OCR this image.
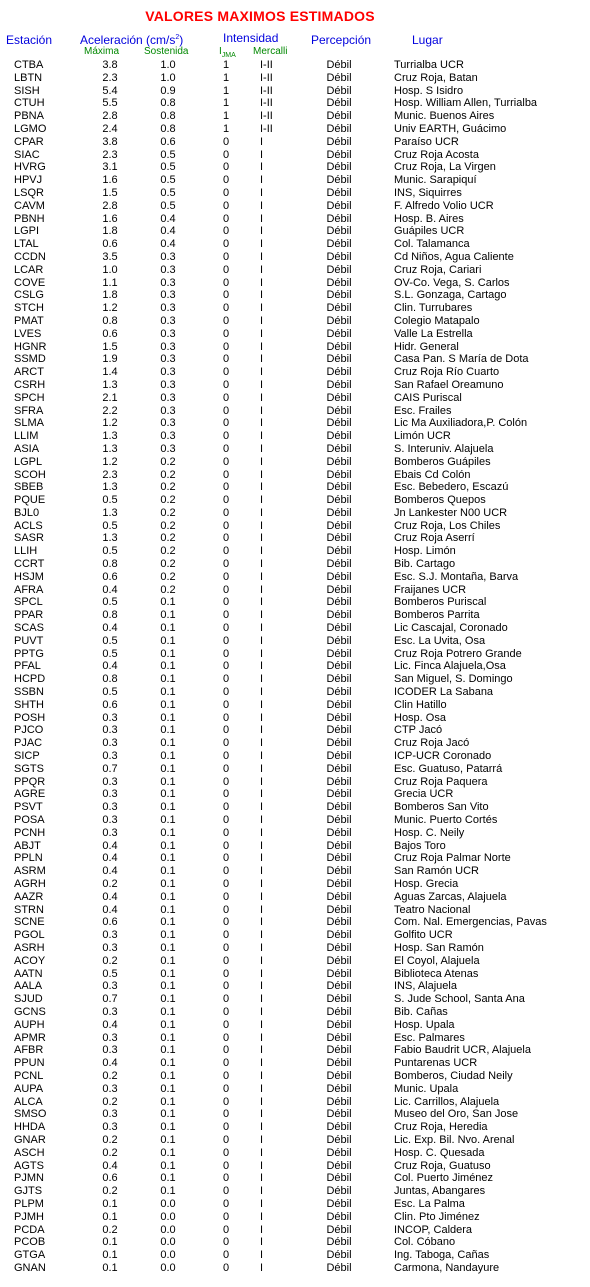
VALORES MAXIMOS ESTIMADOS
Estación Aceleración $(cm/s^2)$
Máxima Sostenida
Intensidad
$I_{JMA}$ Mercalli
Percepción	Lugar
CTBA	3.8	1.0	1	I-II	Débil	Turrialba UCR
LBTN	2.3	1.0	1	I-II	Débil	Cruz Roja, Batan
SISH	5.4	0.9	1	I-II	Débil	Hosp. S Isidro
CTUH	5.5	0.8	1	I-II	Débil	Hosp. William Allen, Turrialba
PBNA	2.8	0.8	1	I-II	Débil	Munic. Buenos Aires
LGMO	2.4	0.8	1	I-II	Débil	Univ EARTH, Guácimo
CPAR	3.8	0.6	0	I	Débil	Paraíso UCR
SIAC	2.3	0.5	0	I	Débil	Cruz Roja Acosta
HVRG	3.1	0.5	0	I	Débil	Cruz Roja, La Virgen
HPVJ	1.6	0.5	0	I	Débil	Munic. Sarapiquí
LSQR	1.5	0.5	0	I	Débil	INS, Siquirres
CAVM	2.8	0.5	0	I	Débil	F. Alfredo Volio UCR
PBNH	1.6	0.4	0	I	Débil	Hosp. B. Aires
LGPI	1.8	0.4	0	I	Débil	Guápiles UCR
LTAL	0.6	0.4	0	I	Débil	Col. Talamanca
CCDN	3.5	0.3	0	I	Débil	Cd Niños, Agua Caliente
LCAR	1.0	0.3	0	I	Débil	Cruz Roja, Cariari
COVE	1.1	0.3	0	I	Débil	OV-Co. Vega, S. Carlos
CSLG	1.8	0.3	0	I	Débil	S.L. Gonzaga, Cartago
STCH	1.2	0.3	0	I	Débil	Clin. Turrubares
PMAT	0.8	0.3	0	I	Débil	Colegio Matapalo
LVES	0.6	0.3	0	I	Débil	Valle La Estrella
HGNR	1.5	0.3	0	I	Débil	Hidr. General
SSMD	1.9	0.3	0	I	Débil	Casa Pan. S María de Dota
ARCT	1.4	0.3	0	I	Débil	Cruz Roja Río Cuarto
CSRH	1.3	0.3	0	I	Débil	San Rafael Oreamuno
SPCH	2.1	0.3	0	I	Débil	CAIS Puriscal
SFRA	2.2	0.3	0	I	Débil	Esc. Frailes
SLMA	1.2	0.3	0	I	Débil	Lic Ma Auxiliadora,P. Colón
LLIM	1.3	0.3	0	I	Débil	Limón UCR
ASIA	1.3	0.3	0	I	Débil	S. Interuniv. Alajuela
LGPL	1.2	0.2	0	I	Débil	Bomberos Guápiles
SCOH	2.3	0.2	0	I	Débil	Ebais Cd Colón
SBEB	1.3	0.2	0	I	Débil	Esc. Bebedero, Escazú
PQUE	0.5	0.2	0	I	Débil	Bomberos Quepos
BJL0	1.3	0.2	0	I	Débil	Jn Lankester N00 UCR
ACLS	0.5	0.2	0	I	Débil	Cruz Roja, Los Chiles
SASR	1.3	0.2	0	I	Débil	Cruz Roja Aserrí
LLIH	0.5	0.2	0	I	Débil	Hosp. Limón
CCRT	0.8	0.2	0	I	Débil	Bib. Cartago
HSJM	0.6	0.2	0	I	Débil	Esc. S.J. Montaña, Barva
AFRA	0.4	0.2	0	I	Débil	Fraijanes UCR
SPCL	0.5	0.1	0	I	Débil	Bomberos Puriscal
PPAR	0.8	0.1	0	I	Débil	Bomberos Parrita
SCAS	0.4	0.1	0	I	Débil	Lic Cascajal, Coronado
PUVT	0.5	0.1	0	I	Débil	Esc. La Uvita, Osa
PPTG	0.5	0.1	0	I	Débil	Cruz Roja Potrero Grande
PFAL	0.4	0.1	0	I	Débil	Lic. Finca Alajuela,Osa
HCPD	0.8	0.1	0	I	Débil	San Miguel, S. Domingo
SSBN	0.5	0.1	0	I	Débil	ICODER La Sabana
SHTH	0.6	0.1	0	I	Débil	Clin Hatillo
POSH	0.3	0.1	0	I	Débil	Hosp. Osa
PJCO	0.3	0.1	0	I	Débil	CTP Jacó
PJAC	0.3	0.1	0	I	Débil	Cruz Roja Jacó
SICP	0.3	0.1	0	I	Débil	ICP-UCR Coronado
SGTS	0.7	0.1	0	I	Débil	Esc. Guatuso, Patarrá
PPQR	0.3	0.1	0	I	Débil	Cruz Roja Paquera
AGRE	0.3	0.1	0	I	Débil	Grecia UCR
PSVT	0.3	0.1	0	I	Débil	Bomberos San Vito
POSA	0.3	0.1	0	I	Débil	Munic. Puerto Cortés
PCNH	0.3	0.1	0	I	Débil	Hosp. C. Neily
ABJT	0.4	0.1	0	I	Débil	Bajos Toro
PPLN	0.4	0.1	0	I	Débil	Cruz Roja Palmar Norte
ASRM	0.4	0.1	0	I	Débil	San Ramón UCR
AGRH	0.2	0.1	0	I	Débil	Hosp. Grecia
AAZR	0.4	0.1	0	I	Débil	Aguas Zarcas, Alajuela
STRN	0.4	0.1	0	I	Débil	Teatro Nacional
SCNE	0.6	0.1	0	I	Débil	Com. Nal. Emergencias, Pavas
PGOL	0.3	0.1	0	I	Débil	Golfito UCR
ASRH	0.3	0.1	0	I	Débil	Hosp. San Ramón
ACOY	0.2	0.1	0	I	Débil	El Coyol, Alajuela
AATN	0.5	0.1	0	I	Débil	Biblioteca Atenas
AALA	0.3	0.1	0	I	Débil	INS, Alajuela
SJUD	0.7	0.1	0	I	Débil	S. Jude School, Santa Ana
GCNS	0.3	0.1	0	I	Débil	Bib. Cañas
AUPH	0.4	0.1	0	I	Débil	Hosp. Upala
APMR	0.3	0.1	0	I	Débil	Esc. Palmares
AFBR	0.3	0.1	0	I	Débil	Fabio Baudrit UCR, Alajuela
PPUN	0.4	0.1	0	I	Débil	Puntarenas UCR
PCNL	0.2	0.1	0	I	Débil	Bomberos, Ciudad Neily
AUPA	0.3	0.1	0	I	Débil	Munic. Upala
ALCA	0.2	0.1	0	I	Débil	Lic. Carrillos, Alajuela
SMSO	0.3	0.1	0	I	Débil	Museo del Oro, San Jose
HHDA	0.3	0.1	0	I	Débil	Cruz Roja, Heredia
GNAR	0.2	0.1	0	I	Débil	Lic. Exp. Bil. Nvo. Arenal
ASCH	0.2	0.1	0	I	Débil	Hosp. C. Quesada
AGTS	0.4	0.1	0	I	Débil	Cruz Roja, Guatuso
PJMN	0.6	0.1	0	I	Débil	Col. Puerto Jiménez
GJTS	0.2	0.1	0	I	Débil	Juntas, Abangares
PLPM	0.1	0.0	0	I	Débil	Esc. La Palma
PJMH	0.1	0.0	0	I	Débil	Clin. Pto Jiménez
PCDA	0.2	0.0	0	I	Débil	INCOP, Caldera
PCOB	0.1	0.0	0	I	Débil	Col. Cóbano
GTGA	0.1	0.0	0	I	Débil	Ing. Taboga, Cañas
GNAN	0.1	0.0	0	I	Débil	Carmona, Nandayure
